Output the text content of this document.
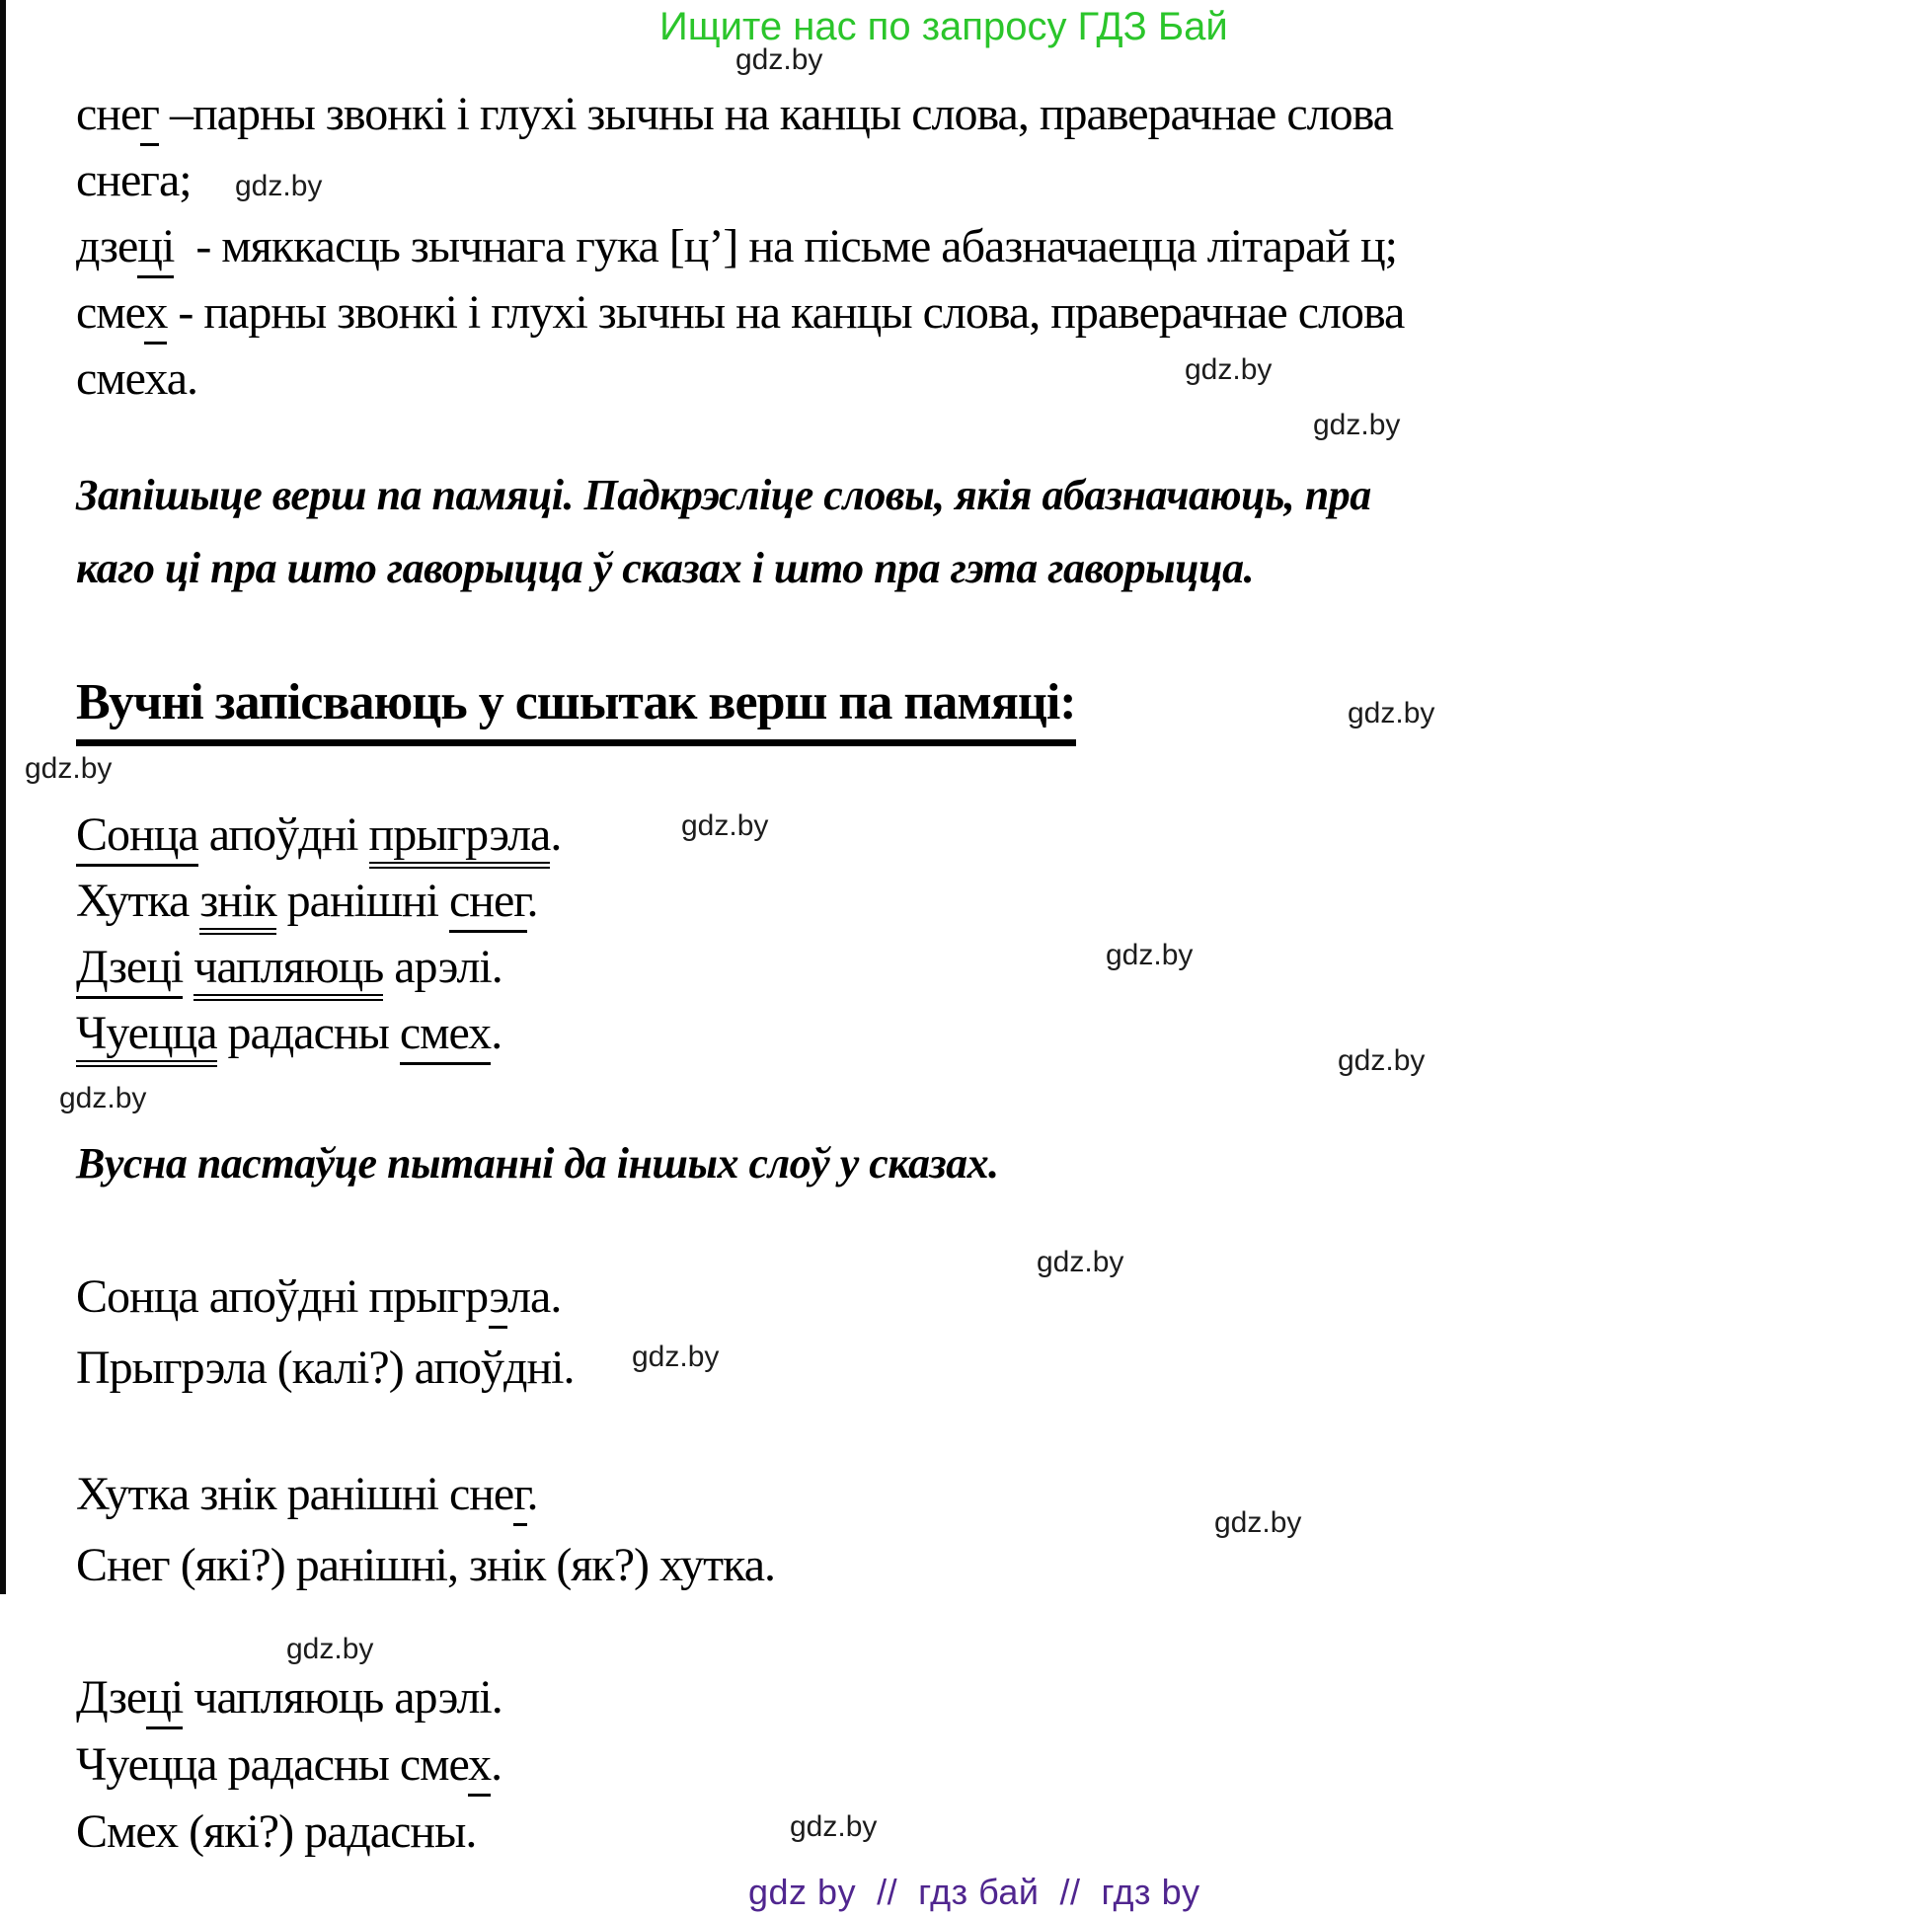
Ищите нас по запросу ГДЗ Бай
gdz.by
gdz.by
gdz.by
gdz.by
gdz.by
gdz.by
gdz.by
gdz.by
gdz.by
gdz.by
gdz.by
gdz.by
gdz.by
gdz.by
gdz.by
снег –парны звонкі і глухі зычны на канцы слова, праверачнае слова
снега;
дзеці  - мяккасць зычнага гука [ц’] на пісьме абазначаецца літарай ц;
смех - парны звонкі і глухі зычны на канцы слова, праверачнае слова
смеха.
Запішыце верш па памяці. Падкрэсліце словы, якія абазначаюць, пра
каго ці пра што гаворыцца ў сказах і што пра гэта гаворыцца.
Вучні запісваюць у сшытак верш па памяці:
Сонца апоўдні прыгрэла.
Хутка знік ранішні снег.
Дзеці чапляюць арэлі.
Чуецца радасны смех.
Вусна пастаўце пытанні да іншых слоў у сказах.
Сонца апоўдні прыгрэла.
Прыгрэла (калі?) апоўдні.
Хутка знік ранішні снег.
Снег (які?) ранішні, знік (як?) хутка.
Дзеці чапляюць арэлі.
Чуецца радасны смех.
Смех (які?) радасны.
gdz by  //  гдз бай  //  гдз by
